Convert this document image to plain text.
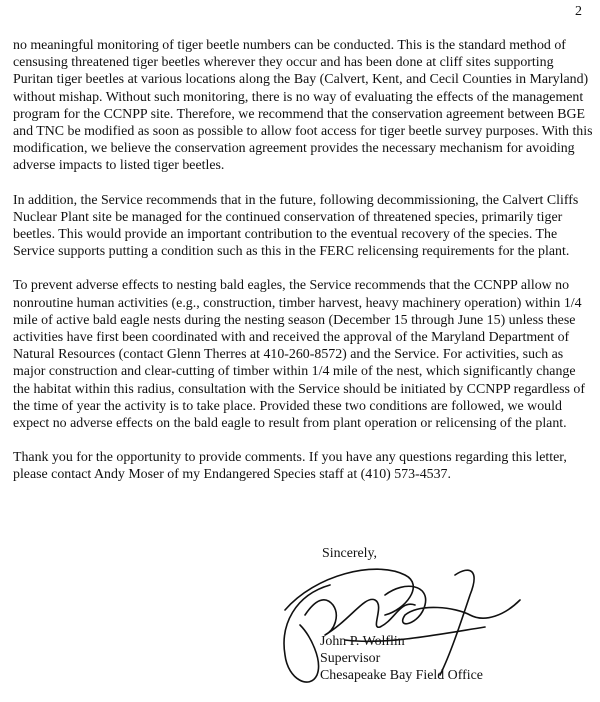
2

no meaningful monitoring of tiger beetle numbers can be conducted. This is the standard method of censusing threatened tiger beetles wherever they occur and has been done at cliff sites supporting Puritan tiger beetles at various locations along the Bay (Calvert, Kent, and Cecil Counties in Maryland) without mishap. Without such monitoring, there is no way of evaluating the effects of the management program for the CCNPP site. Therefore, we recommend that the conservation agreement between BGE and TNC be modified as soon as possible to allow foot access for tiger beetle survey purposes. With this modification, we believe the conservation agreement provides the necessary mechanism for avoiding adverse impacts to listed tiger beetles.

In addition, the Service recommends that in the future, following decommissioning, the Calvert Cliffs Nuclear Plant site be managed for the continued conservation of threatened species, primarily tiger beetles. This would provide an important contribution to the eventual recovery of the species. The Service supports putting a condition such as this in the FERC relicensing requirements for the plant.

To prevent adverse effects to nesting bald eagles, the Service recommends that the CCNPP allow no nonroutine human activities (e.g., construction, timber harvest, heavy machinery operation) within 1/4 mile of active bald eagle nests during the nesting season (December 15 through June 15) unless these activities have first been coordinated with and received the approval of the Maryland Department of Natural Resources (contact Glenn Therres at 410-260-8572) and the Service. For activities, such as major construction and clear-cutting of timber within 1/4 mile of the nest, which significantly change the habitat within this radius, consultation with the Service should be initiated by CCNPP regardless of the time of year the activity is to take place. Provided these two conditions are followed, we would expect no adverse effects on the bald eagle to result from plant operation or relicensing of the plant.

Thank you for the opportunity to provide comments. If you have any questions regarding this letter, please contact Andy Moser of my Endangered Species staff at (410) 573-4537.

Sincerely,
John P. Wolflin
Supervisor
Chesapeake Bay Field Office
